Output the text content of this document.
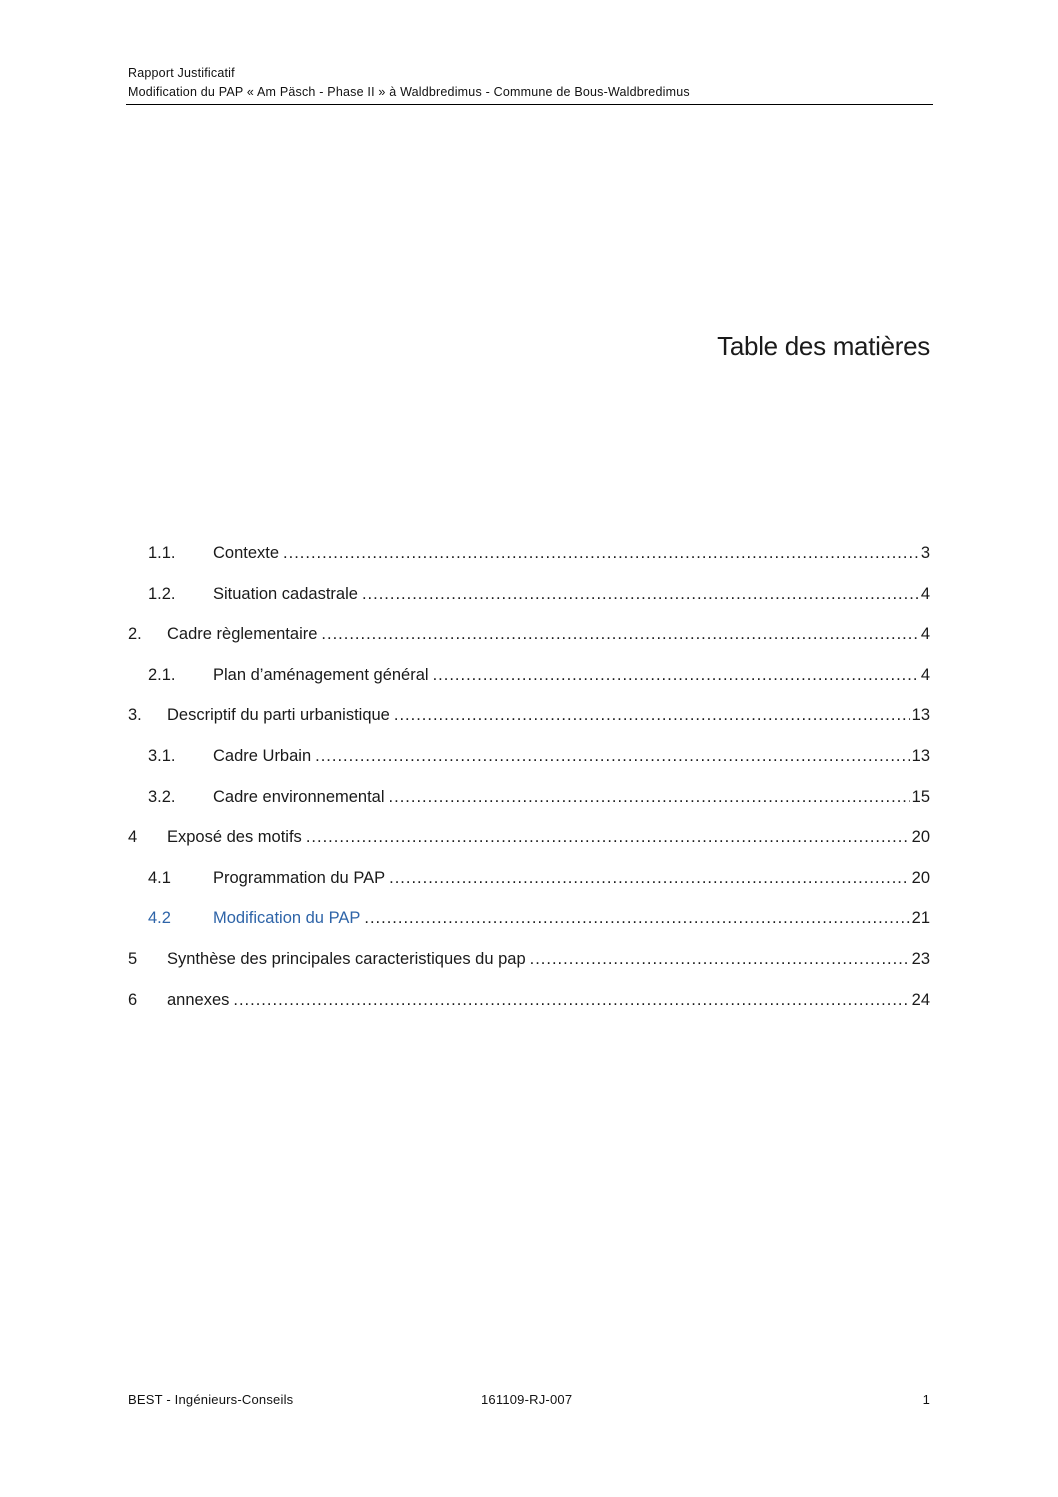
Rapport Justificatif
Modification du PAP « Am Päsch - Phase II » à Waldbredimus - Commune de Bous-Waldbredimus
Table des matières
1.1.	Contexte .....	3
1.2.	Situation cadastrale .....	4
2.	Cadre règlementaire .....	4
2.1.	Plan d’aménagement général .....	4
3.	Descriptif du parti urbanistique .....	13
3.1.	Cadre Urbain .....	13
3.2.	Cadre environnemental .....	15
4	Exposé des motifs .....	20
4.1	Programmation du PAP .....	20
4.2	Modification du PAP .....	21
5	Synthèse des principales caracteristiques du pap .....	23
6	annexes .....	24
BEST - Ingénieurs-Conseils	161109-RJ-007	1
